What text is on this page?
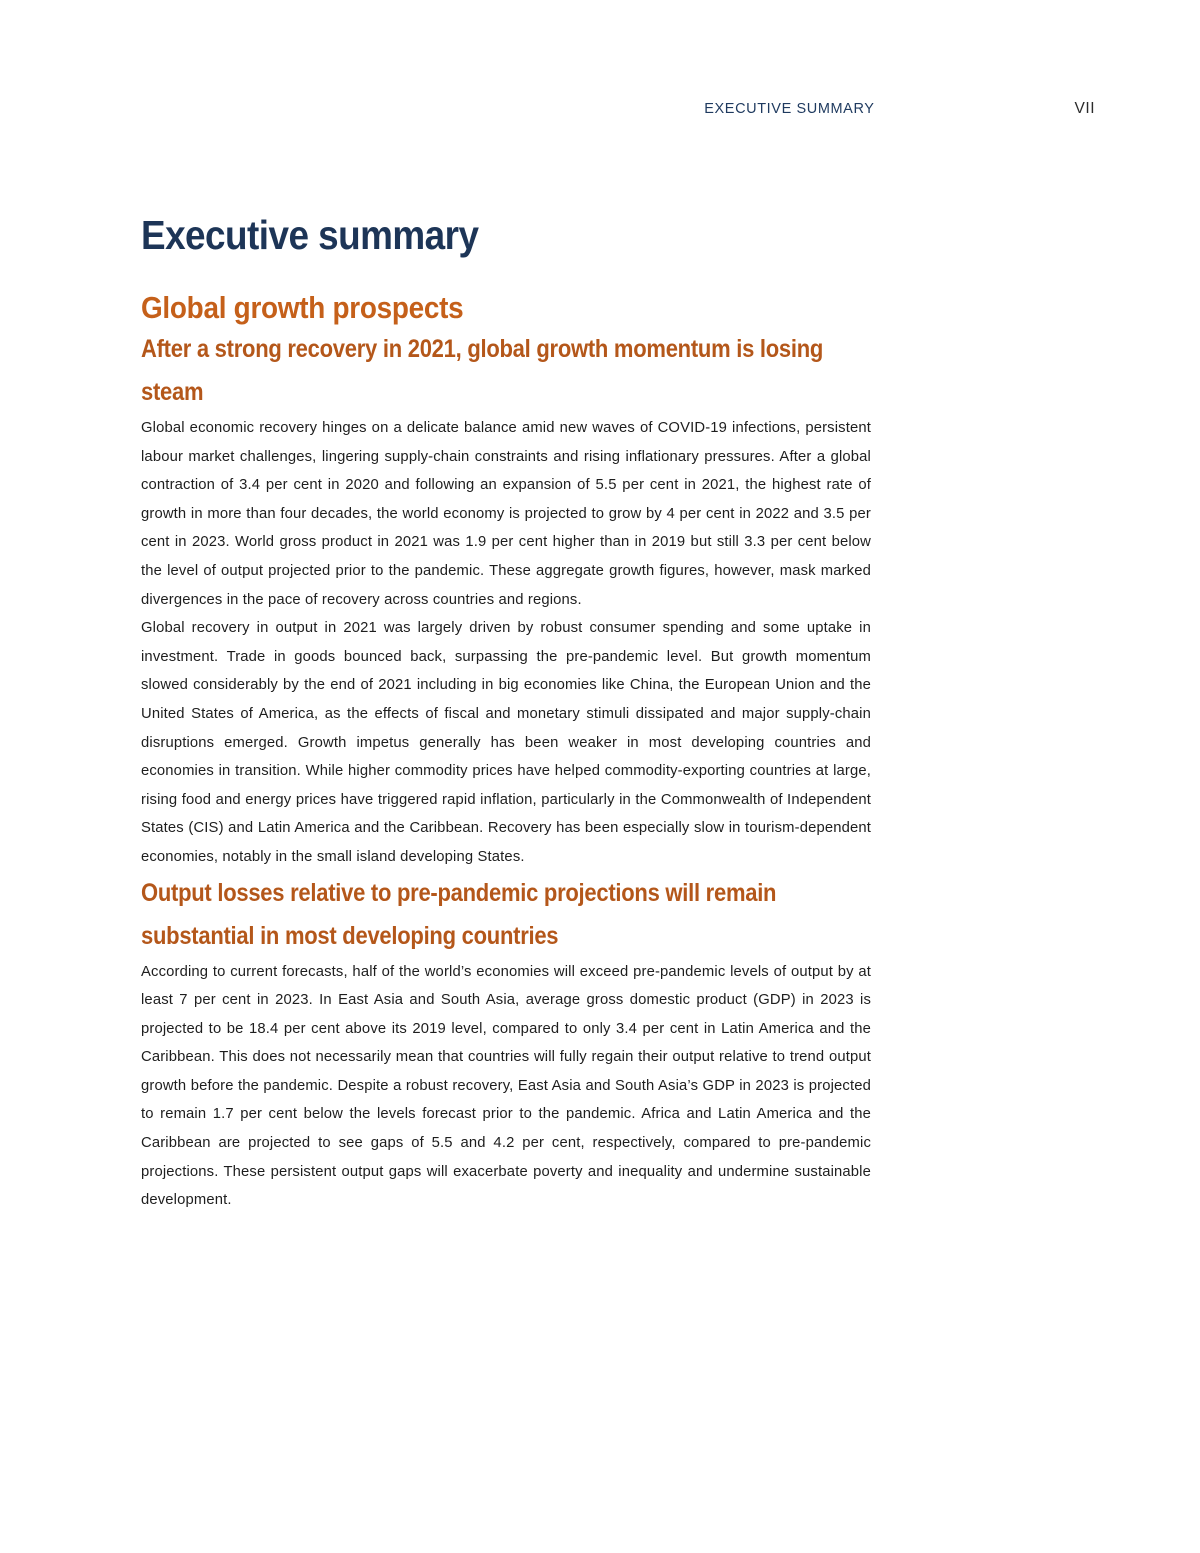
EXECUTIVE SUMMARY	VII
Executive summary
Global growth prospects
After a strong recovery in 2021, global growth momentum is losing steam

Global economic recovery hinges on a delicate balance amid new waves of COVID-19 infections, persistent labour market challenges, lingering supply-chain constraints and rising inflationary pressures. After a global contraction of 3.4 per cent in 2020 and following an expansion of 5.5 per cent in 2021, the highest rate of growth in more than four decades, the world economy is projected to grow by 4 per cent in 2022 and 3.5 per cent in 2023. World gross product in 2021 was 1.9 per cent higher than in 2019 but still 3.3 per cent below the level of output projected prior to the pandemic. These aggregate growth figures, however, mask marked divergences in the pace of recovery across countries and regions.

Global recovery in output in 2021 was largely driven by robust consumer spending and some uptake in investment. Trade in goods bounced back, surpassing the pre-pandemic level. But growth momentum slowed considerably by the end of 2021 including in big economies like China, the European Union and the United States of America, as the effects of fiscal and monetary stimuli dissipated and major supply-chain disruptions emerged. Growth impetus generally has been weaker in most developing countries and economies in transition. While higher commodity prices have helped commodity-exporting countries at large, rising food and energy prices have triggered rapid inflation, particularly in the Commonwealth of Independent States (CIS) and Latin America and the Caribbean. Recovery has been especially slow in tourism-dependent economies, notably in the small island developing States.

Output losses relative to pre-pandemic projections will remain substantial in most developing countries

According to current forecasts, half of the world’s economies will exceed pre-pandemic levels of output by at least 7 per cent in 2023. In East Asia and South Asia, average gross domestic product (GDP) in 2023 is projected to be 18.4 per cent above its 2019 level, compared to only 3.4 per cent in Latin America and the Caribbean. This does not necessarily mean that countries will fully regain their output relative to trend output growth before the pandemic. Despite a robust recovery, East Asia and South Asia’s GDP in 2023 is projected to remain 1.7 per cent below the levels forecast prior to the pandemic. Africa and Latin America and the Caribbean are projected to see gaps of 5.5 and 4.2 per cent, respectively, compared to pre-pandemic projections. These persistent output gaps will exacerbate poverty and inequality and undermine sustainable development.
